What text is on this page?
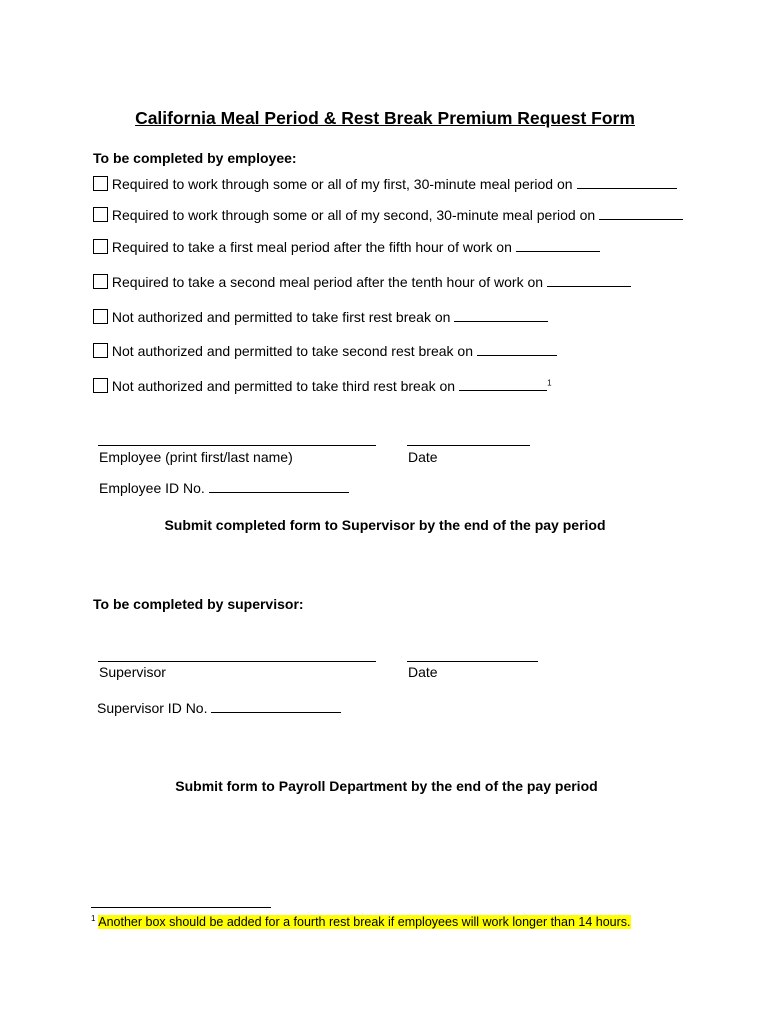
California Meal Period & Rest Break Premium Request Form
To be completed by employee:
Required to work through some or all of my first, 30-minute meal period on
Required to work through some or all of my second, 30-minute meal period on
Required to take a first meal period after the fifth hour of work on
Required to take a second meal period after the tenth hour of work on
Not authorized and permitted to take first rest break on
Not authorized and permitted to take second rest break on
Not authorized and permitted to take third rest break on	$^1$
Employee (print first/last name)	Date
Employee ID No.
Submit completed form to Supervisor by the end of the pay period
To be completed by supervisor:
Supervisor	Date
Supervisor ID No.
Submit form to Payroll Department by the end of the pay period
$^1$ Another box should be added for a fourth rest break if employees will work longer than 14 hours.
